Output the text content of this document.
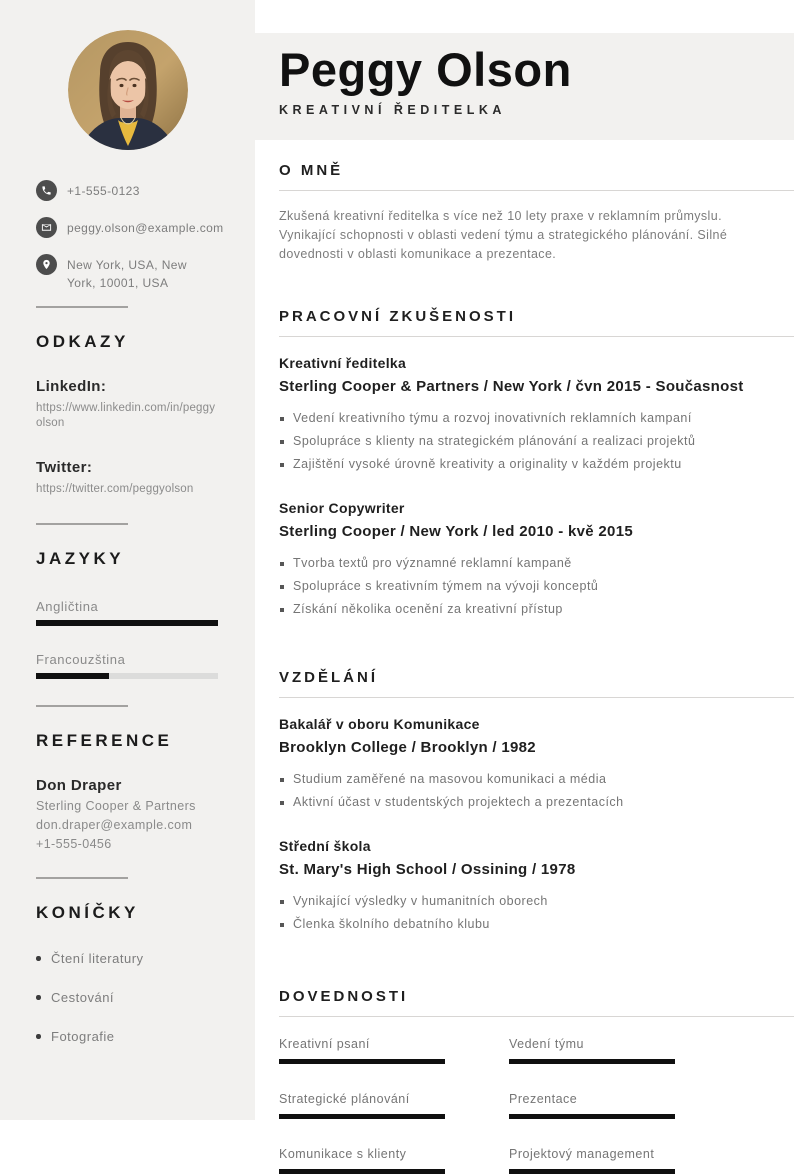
+1-555-0123
peggy.olson@example.com
New York, USA, New York, 10001, USA
ODKAZY
LinkedIn:
https://www.linkedin.com/in/peggyolson
Twitter:
https://twitter.com/peggyolson
JAZYKY
Angličtina
Francouzština
REFERENCE
Don Draper
Sterling Cooper & Partners
don.draper@example.com
+1-555-0456
KONÍČKY
Čtení literatury
Cestování
Fotografie
Peggy Olson
KREATIVNÍ ŘEDITELKA
O MNĚ

Zkušená kreativní ředitelka s více než 10 lety praxe v reklamním průmyslu. Vynikající schopnosti v oblasti vedení týmu a strategického plánování. Silné dovednosti v oblasti komunikace a prezentace.

PRACOVNÍ ZKUŠENOSTI
Kreativní ředitelka
Sterling Cooper & Partners / New York / čvn 2015 - Současnost
Vedení kreativního týmu a rozvoj inovativních reklamních kampaní
Spolupráce s klienty na strategickém plánování a realizaci projektů
Zajištění vysoké úrovně kreativity a originality v každém projektu
Senior Copywriter
Sterling Cooper / New York / led 2010 - kvě 2015
Tvorba textů pro významné reklamní kampaně
Spolupráce s kreativním týmem na vývoji konceptů
Získání několika ocenění za kreativní přístup
VZDĚLÁNÍ
Bakalář v oboru Komunikace
Brooklyn College / Brooklyn / 1982
Studium zaměřené na masovou komunikaci a média
Aktivní účast v studentských projektech a prezentacích
Střední škola
St. Mary's High School / Ossining / 1978
Vynikající výsledky v humanitních oborech
Členka školního debatního klubu
DOVEDNOSTI
Kreativní psaní	Vedení týmu
Strategické plánování	Prezentace
Komunikace s klienty	Projektový management
